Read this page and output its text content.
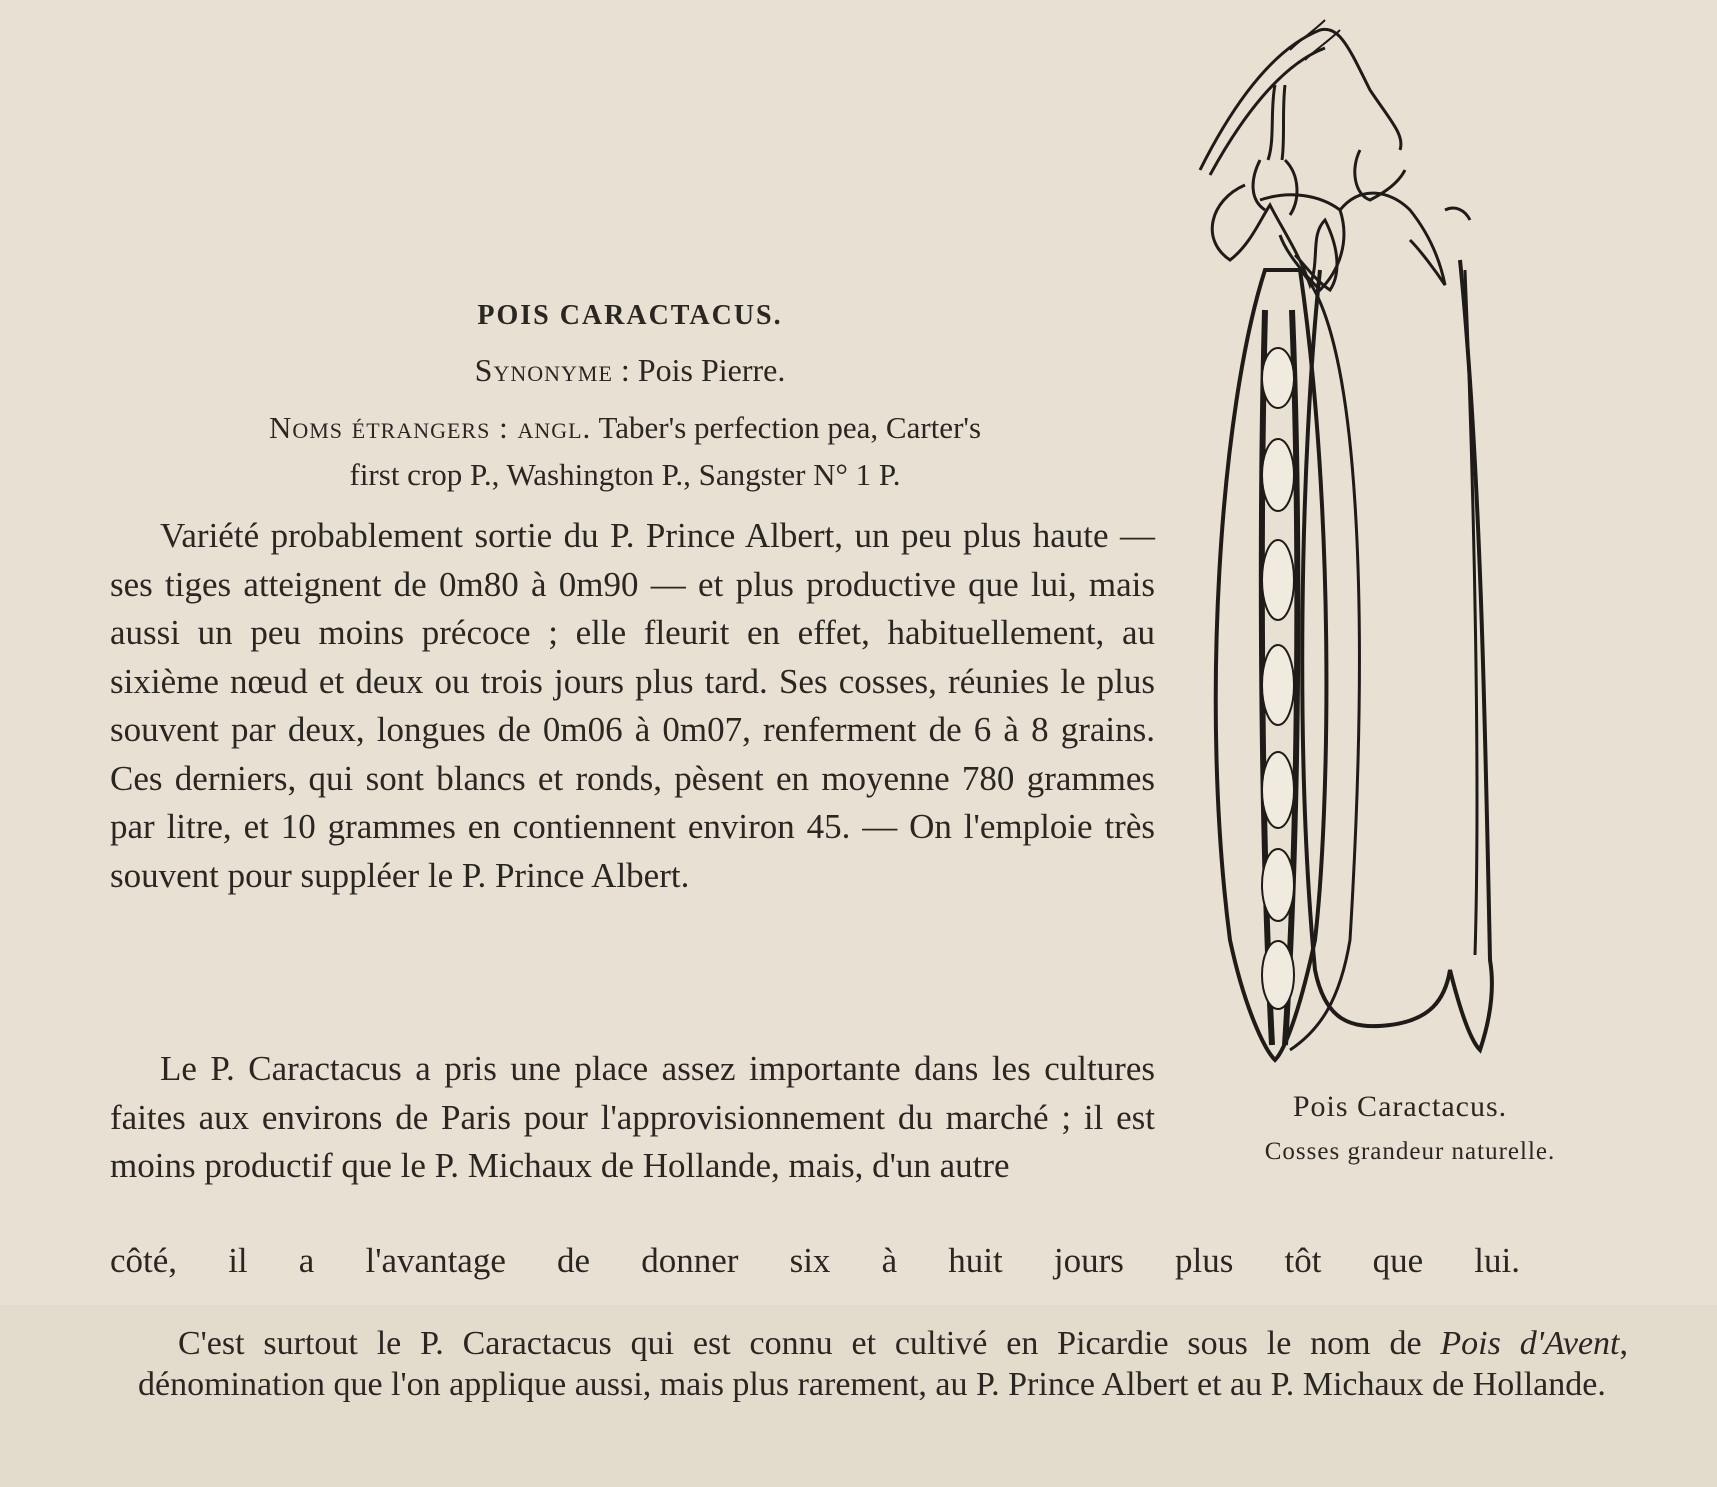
POIS CARACTACUS.
Synonyme : Pois Pierre.
Noms étrangers : angl. Taber's perfection pea, Carter's
first crop P., Washington P., Sangster N° 1 P.

Variété probablement sortie du P. Prince Albert, un peu plus haute — ses tiges atteignent de 0m80 à 0m90 — et plus productive que lui, mais aussi un peu moins précoce ; elle fleurit en effet, habituellement, au sixième nœud et deux ou trois jours plus tard. Ses cosses, réunies le plus souvent par deux, longues de 0m06 à 0m07, renferment de 6 à 8 grains. Ces derniers, qui sont blancs et ronds, pèsent en moyenne 780 grammes par litre, et 10 grammes en contiennent environ 45. — On l'emploie très souvent pour suppléer le P. Prince Albert.

Le P. Caractacus a pris une place assez importante dans les cultures faites aux environs de Paris pour l'approvisionnement du marché ; il est moins productif que le P. Michaux de Hollande, mais, d'un autre

côté, il a l'avantage de donner six à huit jours plus tôt que lui.

C'est surtout le P. Caractacus qui est connu et cultivé en Picardie sous le nom de Pois d'Avent, dénomination que l'on applique aussi, mais plus rarement, au P. Prince Albert et au P. Michaux de Hollande.

Pois Caractacus.
Cosses grandeur naturelle.
